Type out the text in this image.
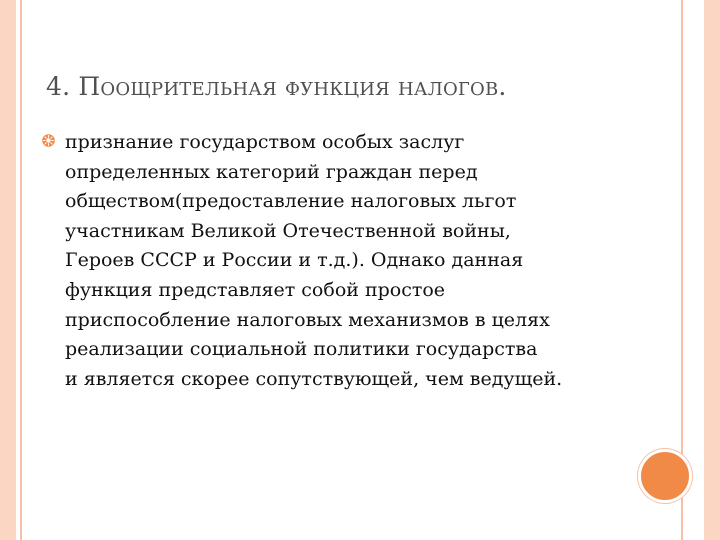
4. Поощрительная функция налогов.

признание государством особых заслуг
определенных категорий граждан перед
обществом(предоставление налоговых льгот
участникам Великой Отечественной войны,
Героев СССР и России и т.д.). Однако данная
функция представляет собой простое
приспособление налоговых механизмов в целях
реализации социальной политики государства
и является скорее сопутствующей, чем ведущей.
